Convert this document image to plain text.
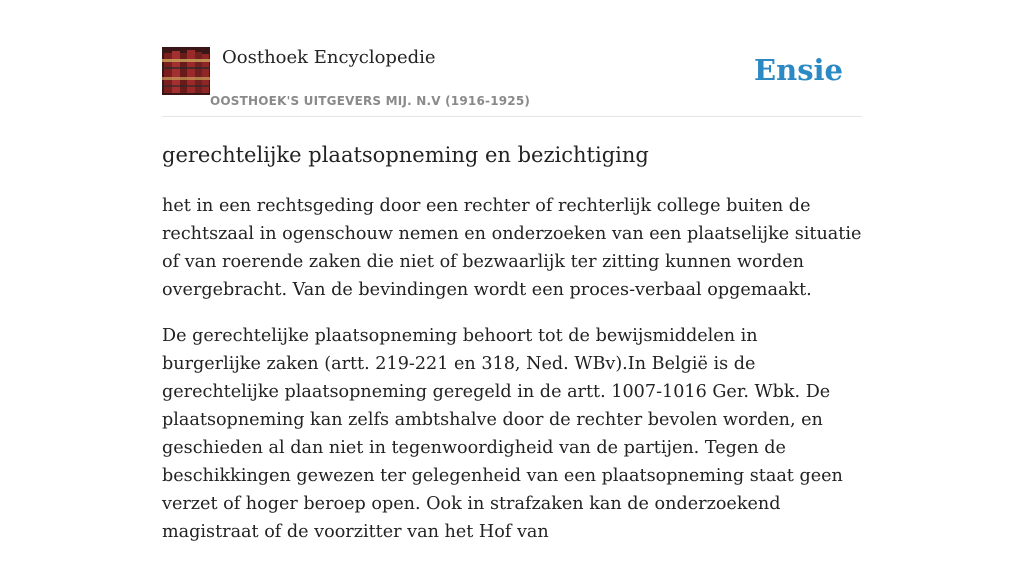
Oosthoek Encyclopedie
OOSTHOEK'S UITGEVERS MIJ. N.V (1916-1925)
Ensie
gerechtelijke plaatsopneming en bezichtiging

het in een rechtsgeding door een rechter of rechterlijk college buiten de rechtszaal in ogenschouw nemen en onderzoeken van een plaatselijke situatie of van roerende zaken die niet of bezwaarlijk ter zitting kunnen worden overgebracht. Van de bevindingen wordt een proces-verbaal opgemaakt.

De gerechtelijke plaatsopneming behoort tot de bewijsmiddelen in burgerlijke zaken (artt. 219-221 en 318, Ned. WBv).In België is de gerechtelijke plaatsopneming geregeld in de artt. 1007-1016 Ger. Wbk. De plaatsopneming kan zelfs ambtshalve door de rechter bevolen worden, en geschieden al dan niet in tegenwoordigheid van de partijen. Tegen de beschikkingen gewezen ter gelegenheid van een plaatsopneming staat geen verzet of hoger beroep open. Ook in strafzaken kan de onderzoekend magistraat of de voorzitter van het Hof van
